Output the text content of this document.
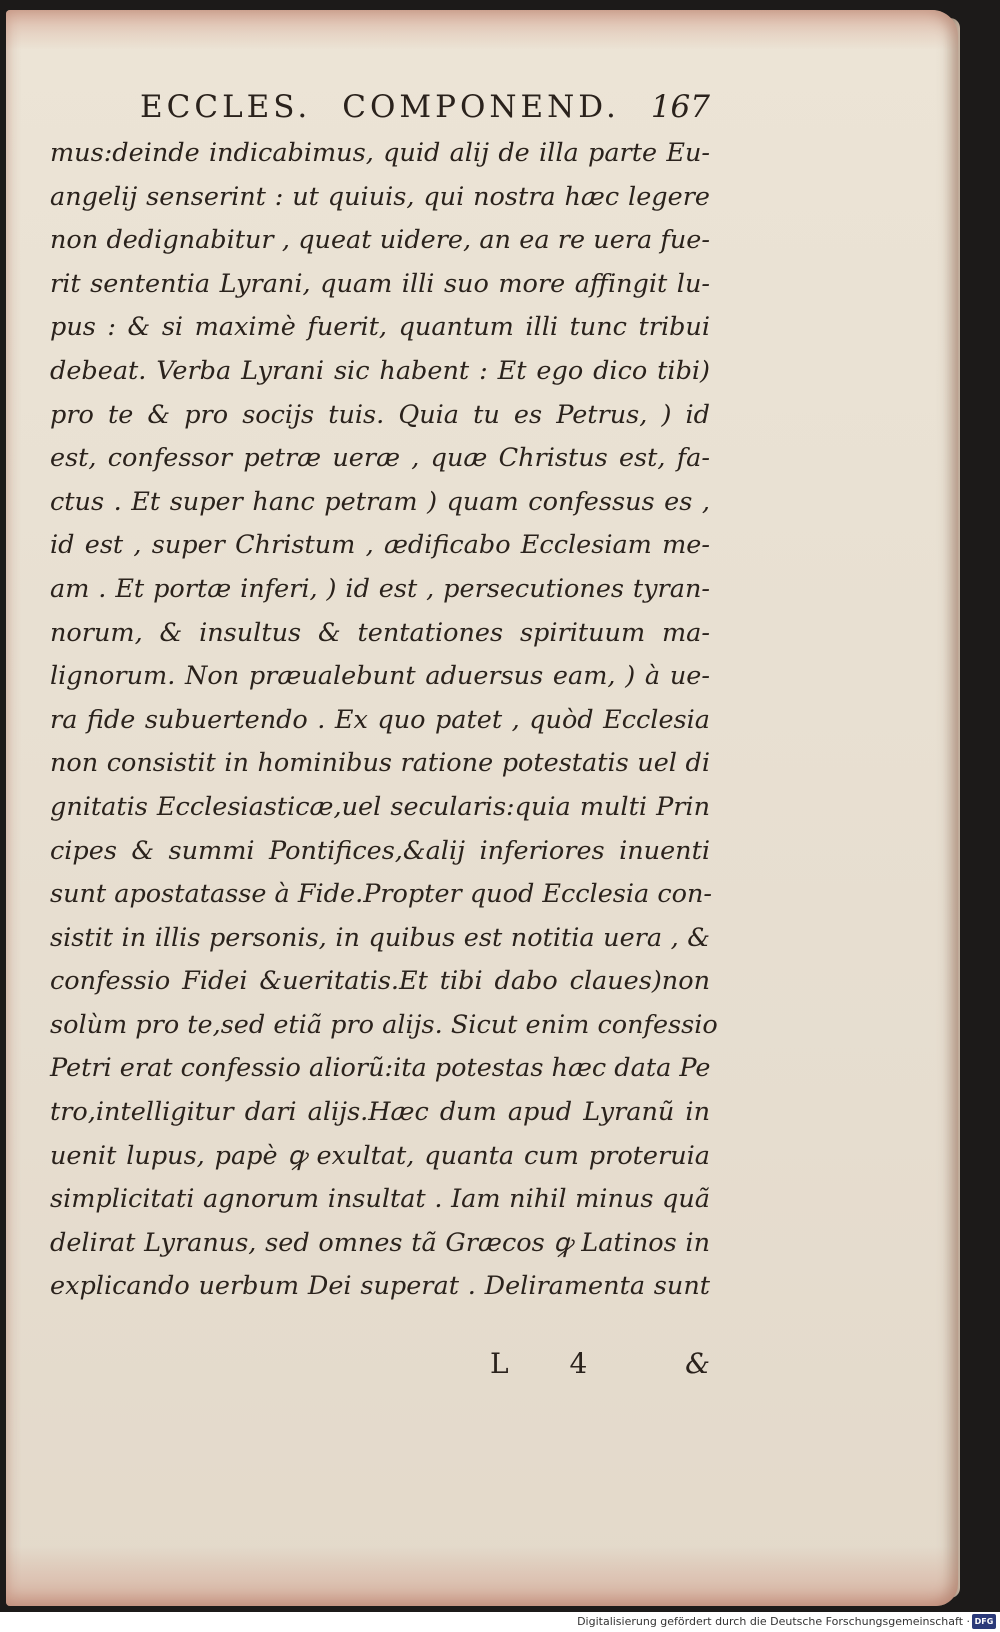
ECCLES. COMPONEND. 167
mus:deinde indicabimus, quid alij de illa parte Eu-
angelij senserint : ut quiuis, qui nostra hæc legere
non dedignabitur , queat uidere, an ea re uera fue-
rit sententia Lyrani, quam illi suo more affingit lu-
pus : & si maximè fuerit, quantum illi tunc tribui
debeat. Verba Lyrani sic habent : Et ego dico tibi)
pro te & pro socijs tuis. Quia tu es Petrus, ) id
est, confessor petræ ueræ , quæ Christus est, fa-
ctus . Et super hanc petram ) quam confessus es ,
id est , super Christum , ædificabo Ecclesiam me-
am . Et portæ inferi, ) id est , persecutiones tyran-
norum, & insultus & tentationes spirituum ma-
lignorum. Non præualebunt aduersus eam, ) à ue-
ra fide subuertendo . Ex quo patet , quòd Ecclesia
non consistit in hominibus ratione potestatis uel di
gnitatis Ecclesiasticæ,uel secularis:quia multi Prin
cipes & summi Pontifices,&alij inferiores inuenti
sunt apostatasse à Fide.Propter quod Ecclesia con-
sistit in illis personis, in quibus est notitia uera , &
confessio Fidei &ueritatis.Et tibi dabo claues)non
solùm pro te,sed etiã pro alijs. Sicut enim confessio
Petri erat confessio aliorũ:ita potestas hæc data Pe
tro,intelligitur dari alijs.Hæc dum apud Lyranũ in
uenit lupus, papè ꝙ exultat, quanta cum proteruia
simplicitati agnorum insultat . Iam nihil minus quã
delirat Lyranus, sed omnes tã Græcos ꝙ Latinos in
explicando uerbum Dei superat . Deliramenta sunt
L 4	&
Digitalisierung gefördert durch die Deutsche Forschungsgemeinschaft · DFG
